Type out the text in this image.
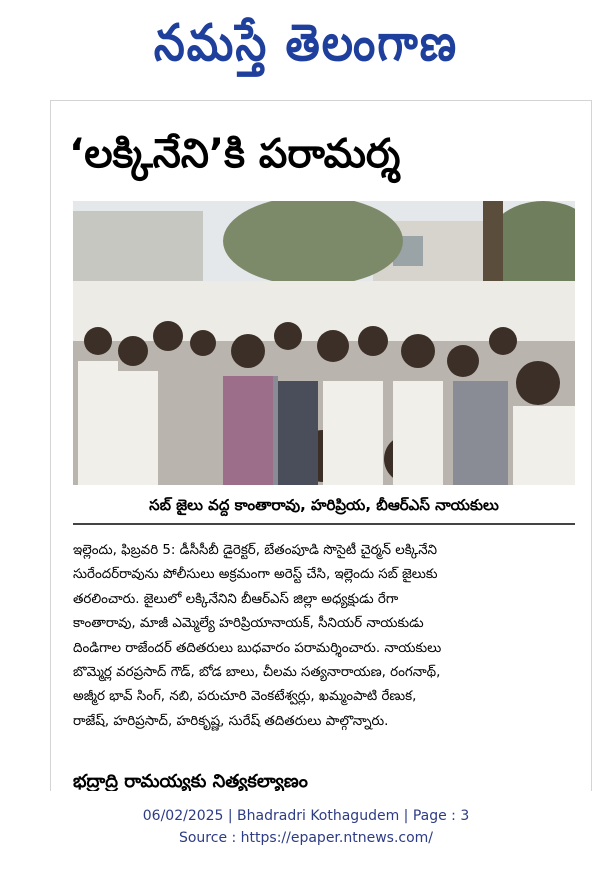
నమస్తే తెలంగాణ
‘లక్కినేని’కి పరామర్శ
సబ్ జైలు వద్ద కాంతారావు, హరిప్రియ, బీఆర్ఎస్ నాయకులు
ఇల్లెందు, ఫిబ్రవరి 5: డీసీసీబీ డైరెక్టర్, బేతంపూడి సొసైటీ చైర్మన్ లక్కినేని
సురేందర్‌రావును పోలీసులు అక్రమంగా అరెస్ట్ చేసి, ఇల్లెందు సబ్ జైలుకు
తరలించారు. జైలులో లక్కినేనిని బీఆర్ఎస్ జిల్లా అధ్యక్షుడు రేగా
కాంతారావు, మాజీ ఎమ్మెల్యే హరిప్రియానాయక్, సీనియర్ నాయకుడు
దిండిగాల రాజేందర్ తదితరులు బుధవారం పరామర్శించారు. నాయకులు
బొమ్మెర్ల వరప్రసాద్ గౌడ్, బోడ బాలు, చీలమ సత్యనారాయణ, రంగనాథ్,
అజ్మీర భావ్ సింగ్, నబి, పరుచూరి వెంకటేశ్వర్లు, ఖమ్మంపాటి రేణుక,
రాజేష్, హరిప్రసాద్, హరికృష్ణ, సురేష్ తదితరులు పాల్గొన్నారు.
భద్రాద్రి రామయ్యకు నిత్యకల్యాణం
06/02/2025 | Bhadradri Kothagudem | Page : 3
Source : https://epaper.ntnews.com/
